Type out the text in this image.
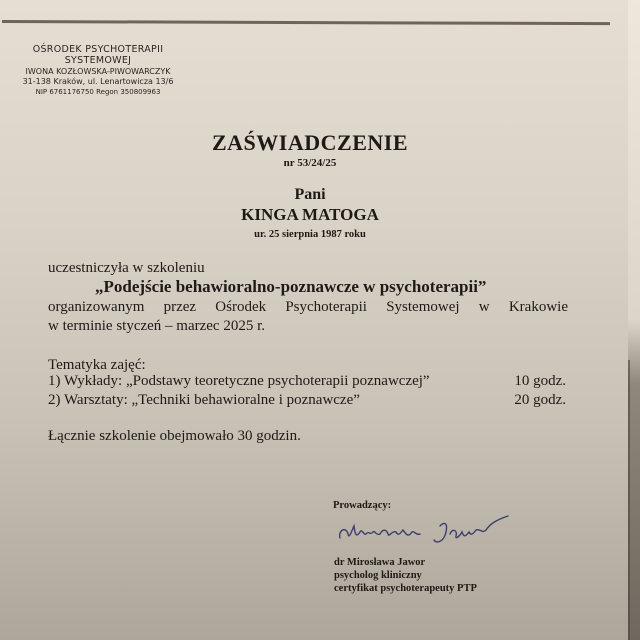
OŚRODEK PSYCHOTERAPII
SYSTEMOWEJ
IWONA KOZŁOWSKA-PIWOWARCZYK
31-138 Kraków, ul. Lenartowicza 13/6
NIP 6761176750 Regon 350809963
ZAŚWIADCZENIE
nr 53/24/25
Pani
KINGA MATOGA
ur. 25 sierpnia 1987 roku
uczestniczyła w szkoleniu
„Podejście behawioralno-poznawcze w psychoterapii”
organizowanym przez Ośrodek Psychoterapii Systemowej w Krakowie
w terminie styczeń – marzec 2025 r.
Tematyka zajęć:
1) Wykłady: „Podstawy teoretyczne psychoterapii poznawczej”	10 godz.
2) Warsztaty: „Techniki behawioralne i poznawcze”	20 godz.
Łącznie szkolenie obejmowało 30 godzin.
Prowadzący:
dr Mirosława Jawor
psycholog kliniczny
certyfikat psychoterapeuty PTP
